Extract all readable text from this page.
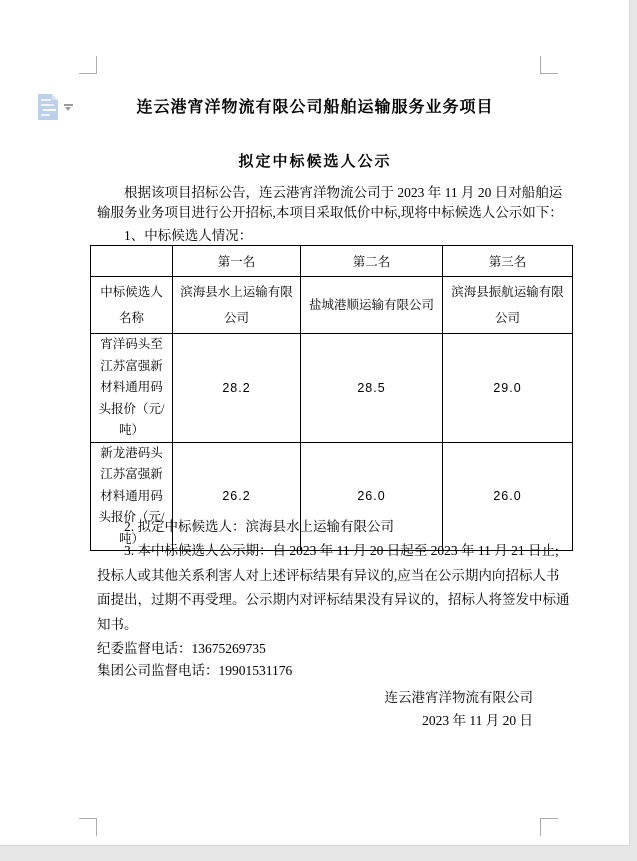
连云港宵洋物流有限公司船舶运输服务业务项目
拟定中标候选人公示
根据该项目招标公告，连云港宵洋物流公司于 2023 年 11 月 20 日对船舶运
输服务业务项目进行公开招标,本项目采取低价中标,现将中标候选人公示如下：
1、中标候选人情况：
	第一名	第二名	第三名
中标候选人名称	滨海县水上运输有限公司	盐城港顺运输有限公司	滨海县振航运输有限公司
宵洋码头至江苏富强新材料通用码头报价（元/吨）	28.2	28.5	29.0
新龙港码头江苏富强新材料通用码头报价（元/吨）	26.2	26.0	26.0
2. 拟定中标候选人：滨海县水上运输有限公司
3. 本中标候选人公示期：自 2023 年 11 月 20 日起至 2023 年 11 月 21 日止;
投标人或其他关系利害人对上述评标结果有异议的,应当在公示期内向招标人书
面提出，过期不再受理。公示期内对评标结果没有异议的，招标人将签发中标通
知书。
纪委监督电话：13675269735
集团公司监督电话：19901531176
连云港宵洋物流有限公司
2023 年 11 月 20 日
